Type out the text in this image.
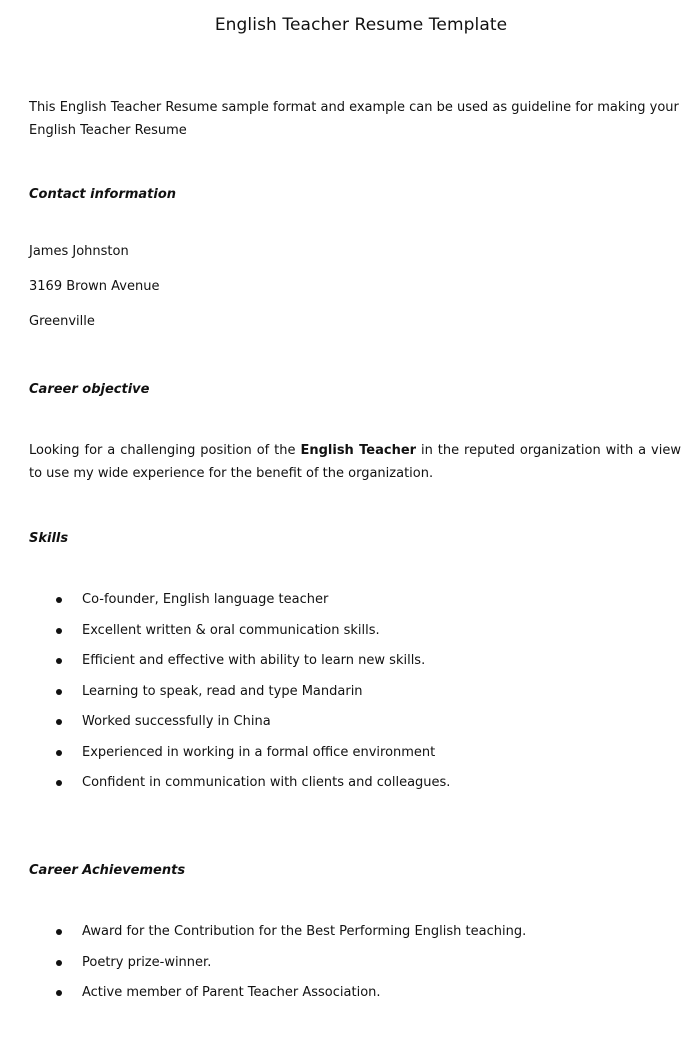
English Teacher Resume Template
This English Teacher Resume sample format and example can be used as guideline for making your English Teacher Resume
Contact information
James Johnston
3169 Brown Avenue
Greenville
Career objective
Looking for a challenging position of the English Teacher in the reputed organization with a view to use my wide experience for the benefit of the organization.
Skills
Co-founder, English language teacher
Excellent written & oral communication skills.
Efficient and effective with ability to learn new skills.
Learning to speak, read and type Mandarin
Worked successfully in China
Experienced in working in a formal office environment
Confident in communication with clients and colleagues.
Career Achievements
Award for the Contribution for the Best Performing English teaching.
Poetry prize-winner.
Active member of Parent Teacher Association.
